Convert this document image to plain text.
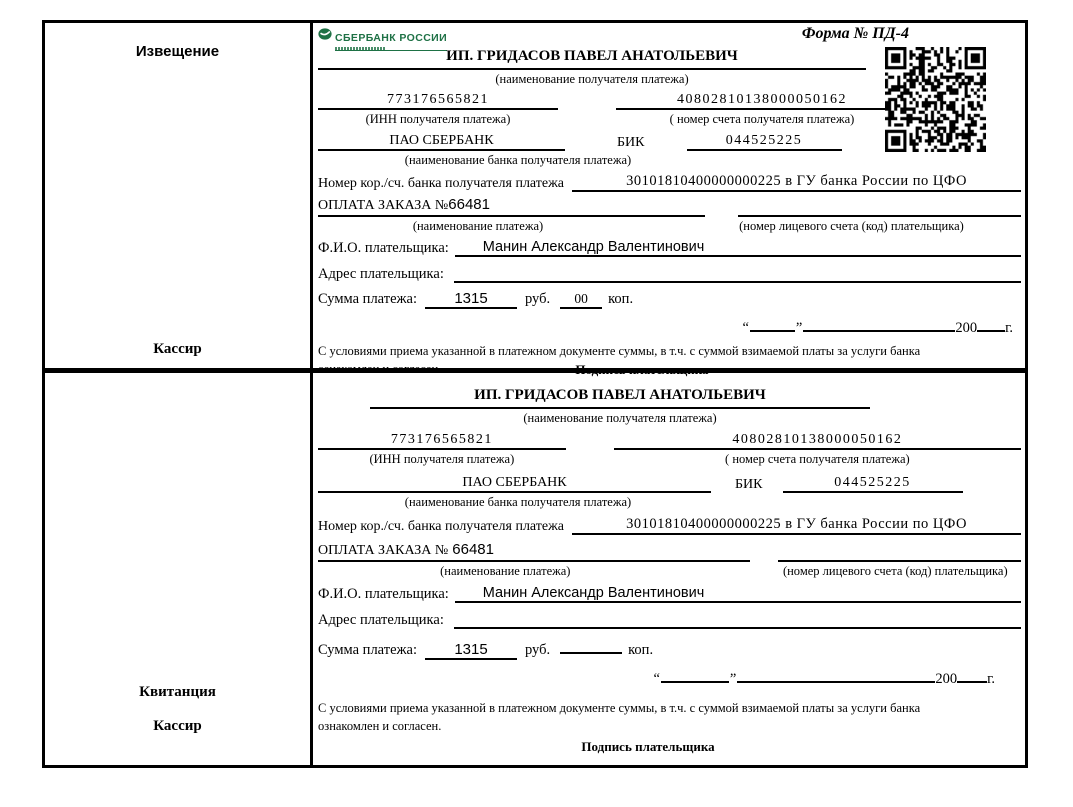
Извещение
Кассир
СБЕРБАНК РОССИИ	Форма № ПД-4
ИП. ГРИДАСОВ ПАВЕЛ АНАТОЛЬЕВИЧ
(наименование получателя платежа)
773176565821	40802810138000050162
(ИНН получателя платежа)	( номер счета получателя платежа)
ПАО СБЕРБАНК	БИК	044525225
(наименование банка получателя платежа)
Номер кор./сч. банка получателя платежа	30101810400000000225 в ГУ банка России по ЦФО
ОПЛАТА ЗАКАЗА № 66481
(наименование платежа)	(номер лицевого счета (код) плательщика)
Ф.И.О. плательщика:	Манин Александр Валентинович
Адрес плательщика:
Сумма платежа:	1315	руб.	00	коп.
“	”	200 г.
С условиями приема указанной в платежном документе суммы, в т.ч. с суммой взимаемой платы за услуги банка
ознакомлен и согласен.	Подпись плательщика
Квитанция
Кассир
ИП. ГРИДАСОВ ПАВЕЛ АНАТОЛЬЕВИЧ
(наименование получателя платежа)
773176565821	40802810138000050162
(ИНН получателя платежа)	( номер счета получателя платежа)
ПАО СБЕРБАНК	БИК	044525225
(наименование банка получателя платежа)
Номер кор./сч. банка получателя платежа	30101810400000000225 в ГУ банка России по ЦФО
ОПЛАТА ЗАКАЗА № 66481
(наименование платежа)	(номер лицевого счета (код) плательщика)
Ф.И.О. плательщика:	Манин Александр Валентинович
Адрес плательщика:
Сумма платежа:	1315	руб.	коп.
“	”	200 г.
С условиями приема указанной в платежном документе суммы, в т.ч. с суммой взимаемой платы за услуги банка
ознакомлен и согласен.
Подпись плательщика
